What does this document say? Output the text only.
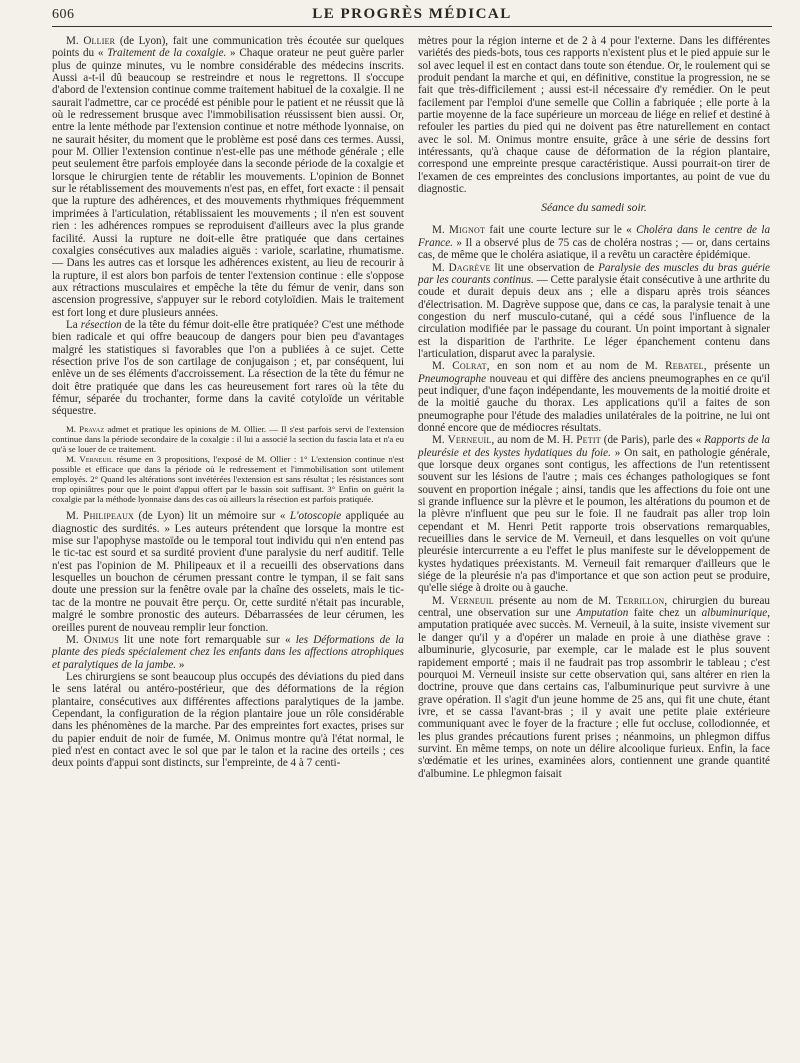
606	LE PROGRÈS MÉDICAL

M. Ollier (de Lyon), fait une communication très écoutée sur quelques points du « Traitement de la coxalgie. » Chaque orateur ne peut guère parler plus de quinze minutes, vu le nombre considérable des médecins inscrits. Aussi a-t-il dû beaucoup se restreindre et nous le regrettons. Il s'occupe d'abord de l'extension continue comme traitement habituel de la coxalgie. Il ne saurait l'admettre, car ce procédé est pénible pour le patient et ne réussit que là où le redressement brusque avec l'immobilisation réussissent bien aussi. Or, entre la lente méthode par l'extension continue et notre méthode lyonnaise, on ne saurait hésiter, du moment que le problème est posé dans ces termes. Aussi, pour M. Ollier l'extension continue n'est-elle pas une méthode générale ; elle peut seulement être parfois employée dans la seconde période de la coxalgie et lorsque le chirurgien tente de rétablir les mouvements. L'opinion de Bonnet sur le rétablissement des mouvements n'est pas, en effet, fort exacte : il pensait que la rupture des adhérences, et des mouvements rhythmiques fréquemment imprimées à l'articulation, rétablissaient les mouvements ; il n'en est souvent rien : les adhérences rompues se reproduisent d'ailleurs avec la plus grande facilité. Aussi la rupture ne doit-elle être pratiquée que dans certaines coxalgies consécutives aux maladies aiguës : variole, scarlatine, rhumatisme. — Dans les autres cas et lorsque les adhérences existent, au lieu de recourir à la rupture, il est alors bon parfois de tenter l'extension continue : elle s'oppose aux rétractions musculaires et empêche la tête du fémur de venir, dans son ascension progressive, s'appuyer sur le rebord cotyloïdien. Mais le traitement est fort long et dure plusieurs années.

La résection de la tête du fémur doit-elle être pratiquée? C'est une méthode bien radicale et qui offre beaucoup de dangers pour bien peu d'avantages malgré les statistiques si favorables que l'on a publiées à ce sujet. Cette résection prive l'os de son cartilage de conjugaison ; et, par conséquent, lui enlève un de ses éléments d'accroissement. La résection de la tête du fémur ne doit être pratiquée que dans les cas heureusement fort rares où la tête du fémur, séparée du trochanter, forme dans la cavité cotyloïde un véritable séquestre.

M. Pravaz admet et pratique les opinions de M. Ollier. — Il s'est parfois servi de l'extension continue dans la période secondaire de la coxalgie : il lui a associé la section du fascia lata et n'a eu qu'à se louer de ce traitement.

M. Verneuil résume en 3 propositions, l'exposé de M. Ollier : 1° L'extension continue n'est possible et efficace que dans la période où le redressement et l'immobilisation sont utilement employés. 2° Quand les altérations sont invétérées l'extension est sans résultat ; les résistances sont trop opiniâtres pour que le point d'appui offert par le bassin soit suffisant. 3° Enfin on guérit la coxalgie par la méthode lyonnaise dans des cas où ailleurs la résection est parfois pratiquée.

M. Philipeaux (de Lyon) lit un mémoire sur « L'otoscopie appliquée au diagnostic des surdités. » Les auteurs prétendent que lorsque la montre est mise sur l'apophyse mastoïde ou le temporal tout individu qui n'en entend pas le tic-tac est sourd et sa surdité provient d'une paralysie du nerf auditif. Telle n'est pas l'opinion de M. Philipeaux et il a recueilli des observations dans lesquelles un bouchon de cérumen pressant contre le tympan, il se fait sans doute une pression sur la fenêtre ovale par la chaîne des osselets, mais le tic-tac de la montre ne pouvait être perçu. Or, cette surdité n'était pas incurable, malgré le sombre pronostic des auteurs. Débarrassées de leur cérumen, les oreilles purent de nouveau remplir leur fonction.

M. Onimus lit une note fort remarquable sur « les Déformations de la plante des pieds spécialement chez les enfants dans les affections atrophiques et paralytiques de la jambe. »

Les chirurgiens se sont beaucoup plus occupés des déviations du pied dans le sens latéral ou antéro-postérieur, que des déformations de la région plantaire, consécutives aux différentes affections paralytiques de la jambe. Cependant, la configuration de la région plantaire joue un rôle considérable dans les phénomènes de la marche. Par des empreintes fort exactes, prises sur du papier enduit de noir de fumée, M. Onimus montre qu'à l'état normal, le pied n'est en contact avec le sol que par le talon et la racine des orteils ; ces deux points d'appui sont distincts, sur l'empreinte, de 4 à 7 centi-

mètres pour la région interne et de 2 à 4 pour l'externe. Dans les différentes variétés des pieds-bots, tous ces rapports n'existent plus et le pied appuie sur le sol avec lequel il est en contact dans toute son étendue. Or, le roulement qui se produit pendant la marche et qui, en définitive, constitue la progression, ne se fait que très-difficilement ; aussi est-il nécessaire d'y remédier. On le peut facilement par l'emploi d'une semelle que Collin a fabriquée ; elle porte à la partie moyenne de la face supérieure un morceau de liége en relief et destiné à refouler les parties du pied qui ne doivent pas être naturellement en contact avec le sol. M. Onimus montre ensuite, grâce à une série de dessins fort intéressants, qu'à chaque cause de déformation de la région plantaire, correspond une empreinte presque caractéristique. Aussi pourrait-on tirer de l'examen de ces empreintes des conclusions importantes, au point de vue du diagnostic.

Séance du samedi soir.

M. Mignot fait une courte lecture sur le « Choléra dans le centre de la France. » Il a observé plus de 75 cas de choléra nostras ; — or, dans certains cas, de même que le choléra asiatique, il a revêtu un caractère épidémique.

M. Dagrève lit une observation de Paralysie des muscles du bras guérie par les courants continus. — Cette paralysie était consécutive à une arthrite du coude et durait depuis deux ans ; elle a disparu après trois séances d'électrisation. M. Dagrève suppose que, dans ce cas, la paralysie tenait à une congestion du nerf musculo-cutané, qui a cédé sous l'influence de la circulation modifiée par le passage du courant. Un point important à signaler est la disparition de l'arthrite. Le léger épanchement contenu dans l'articulation, disparut avec la paralysie.

M. Colrat, en son nom et au nom de M. Rebatel, présente un Pneumographe nouveau et qui diffère des anciens pneumographes en ce qu'il peut indiquer, d'une façon indépendante, les mouvements de la moitié droite et de la moitié gauche du thorax. Les applications qu'il a faites de son pneumographe pour l'étude des maladies unilatérales de la poitrine, ne lui ont donné encore que de médiocres résultats.

M. Verneuil, au nom de M. H. Petit (de Paris), parle des « Rapports de la pleurésie et des kystes hydatiques du foie. » On sait, en pathologie générale, que lorsque deux organes sont contigus, les affections de l'un retentissent souvent sur les lésions de l'autre ; mais ces échanges pathologiques se font souvent en proportion inégale ; ainsi, tandis que les affections du foie ont une si grande influence sur la plèvre et le poumon, les altérations du poumon et de la plèvre n'influent que peu sur le foie. Il ne faudrait pas aller trop loin cependant et M. Henri Petit rapporte trois observations remarquables, recueillies dans le service de M. Verneuil, et dans lesquelles on voit qu'une pleurésie intercurrente a eu l'effet le plus manifeste sur le développement de kystes hydatiques préexistants. M. Verneuil fait remarquer d'ailleurs que le siége de la pleurésie n'a pas d'importance et que son action peut se produire, qu'elle siége à droite ou à gauche.

M. Verneuil présente au nom de M. Terrillon, chirurgien du bureau central, une observation sur une Amputation faite chez un albuminurique, amputation pratiquée avec succès. M. Verneuil, à la suite, insiste vivement sur le danger qu'il y a d'opérer un malade en proie à une diathèse grave : albuminurie, glycosurie, par exemple, car le malade est le plus souvent rapidement emporté ; mais il ne faudrait pas trop assombrir le tableau ; c'est pourquoi M. Verneuil insiste sur cette observation qui, sans altérer en rien la doctrine, prouve que dans certains cas, l'albuminurique peut survivre à une grave opération. Il s'agit d'un jeune homme de 25 ans, qui fit une chute, étant ivre, et se cassa l'avant-bras ; il y avait une petite plaie extérieure communiquant avec le foyer de la fracture ; elle fut occluse, collodionnée, et les plus grandes précautions furent prises ; néanmoins, un phlegmon diffus survint. En même temps, on note un délire alcoolique furieux. Enfin, la face s'œdématie et les urines, examinées alors, contiennent une grande quantité d'albumine. Le phlegmon faisait
